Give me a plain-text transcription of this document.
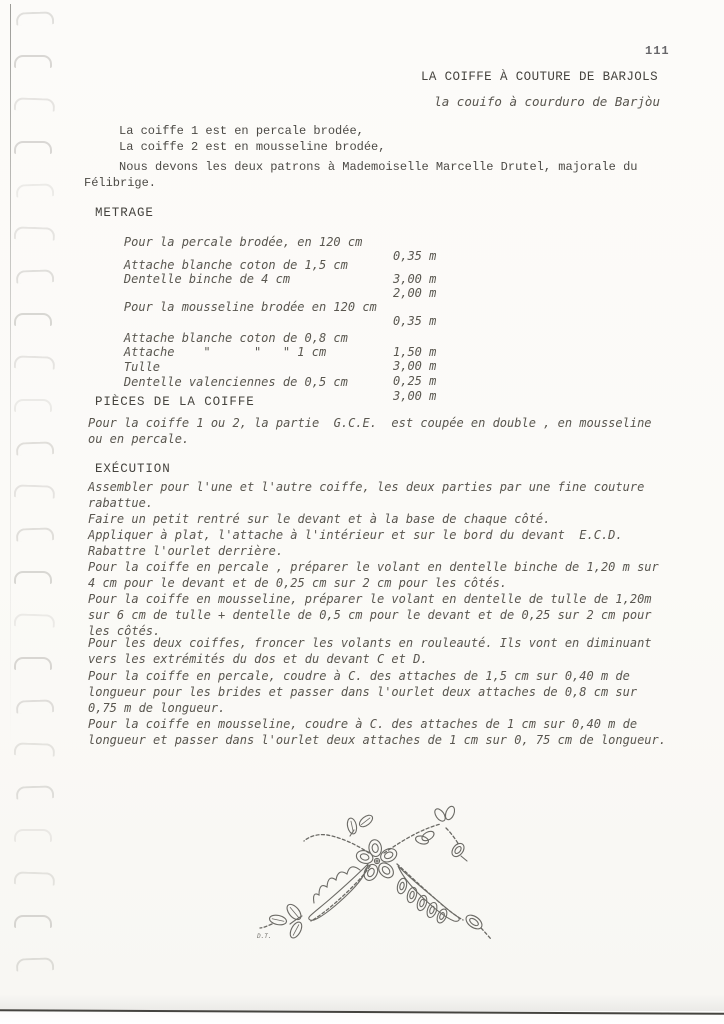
111
LA COIFFE À COUTURE DE BARJOLS
la couifo à courduro de Barjòu
La coiffe 1 est en percale brodée,
La coiffe 2 est en mousseline brodée,
Nous devons les deux patrons à Mademoiselle Marcelle Drutel, majorale du Félibrige.
METRAGE

Pour la percale brodée, en 120 cm

0,35 m

Attache blanche coton de 1,5 cm

3,00 m

Dentelle binche de 4 cm

2,00 m

Pour la mousseline brodée en 120 cm

0,35 m

Attache blanche coton de 0,8 cm

1,50 m

Attache    "      "   " 1 cm

3,00 m

Tulle

0,25 m

Dentelle valenciennes de 0,5 cm

3,00 m

PIÈCES DE LA COIFFE
Pour la coiffe 1 ou 2, la partie  G.C.E.  est coupée en double , en mousseline ou en percale.
EXÉCUTION
Assembler pour l'une et l'autre coiffe, les deux parties par une fine couture rabattue.
Faire un petit rentré sur le devant et à la base de chaque côté.
Appliquer à plat, l'attache à l'intérieur et sur le bord du devant  E.C.D.
Rabattre l'ourlet derrière.
Pour la coiffe en percale , préparer le volant en dentelle binche de 1,20 m sur 4 cm pour le devant et de 0,25 cm sur 2 cm pour les côtés.
Pour la coiffe en mousseline, préparer le volant en dentelle de tulle de 1,20m sur 6 cm de tulle + dentelle de 0,5 cm pour le devant et de 0,25 sur 2 cm pour les côtés.
Pour les deux coiffes, froncer les volants en rouleauté. Ils vont en diminuant vers les extrémités du dos et du devant C et D.
Pour la coiffe en percale, coudre à C. des attaches de 1,5 cm sur 0,40 m de longueur pour les brides et passer dans l'ourlet deux attaches de 0,8 cm sur 0,75 m de longueur.
Pour la coiffe en mousseline, coudre à C. des attaches de 1 cm sur 0,40 m de longueur et passer dans l'ourlet deux attaches de 1 cm sur 0, 75 cm de longueur.
D.T.
